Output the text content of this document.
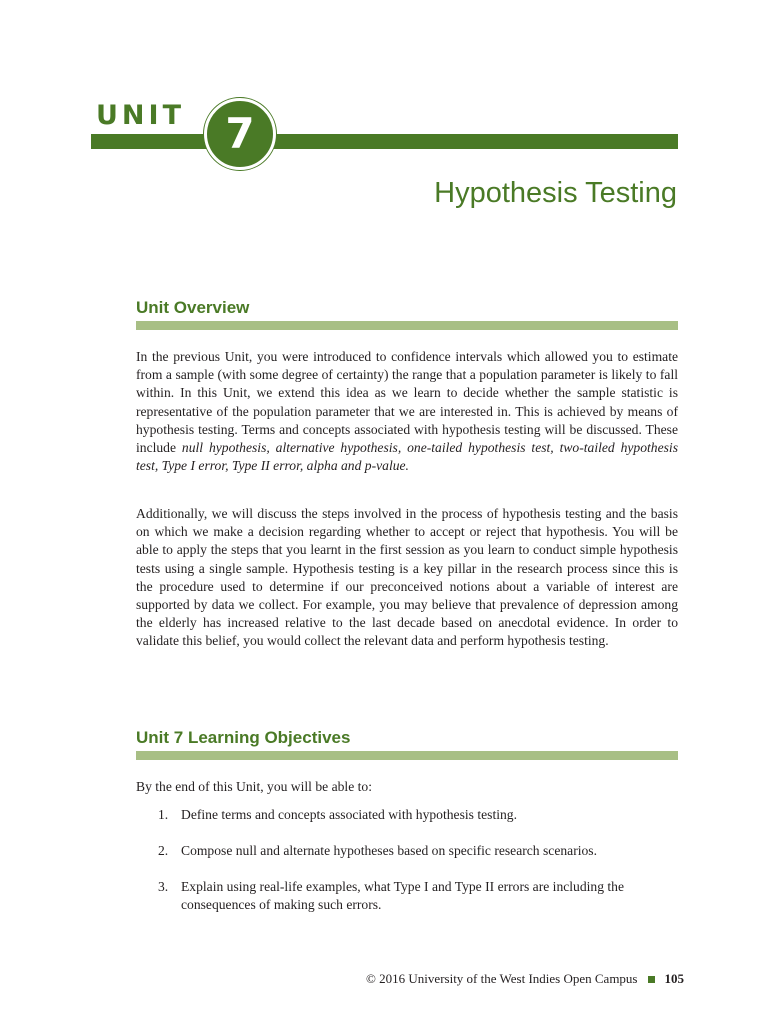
UNIT 7
Hypothesis Testing
Unit Overview

In the previous Unit, you were introduced to confidence intervals which allowed you to estimate from a sample (with some degree of certainty) the range that a population parameter is likely to fall within. In this Unit, we extend this idea as we learn to decide whether the sample statistic is representative of the population parameter that we are interested in. This is achieved by means of hypothesis testing. Terms and concepts associated with hypothesis testing will be discussed. These include null hypothesis, alternative hypothesis, one-tailed hypothesis test, two-tailed hypothesis test, Type I error, Type II error, alpha and p-value.

Additionally, we will discuss the steps involved in the process of hypothesis testing and the basis on which we make a decision regarding whether to accept or reject that hypothesis. You will be able to apply the steps that you learnt in the first session as you learn to conduct simple hypothesis tests using a single sample. Hypothesis testing is a key pillar in the research process since this is the procedure used to determine if our preconceived notions about a variable of interest are supported by data we collect. For example, you may believe that prevalence of depression among the elderly has increased relative to the last decade based on anecdotal evidence. In order to validate this belief, you would collect the relevant data and perform hypothesis testing.

Unit 7 Learning Objectives

By the end of this Unit, you will be able to:

1. Define terms and concepts associated with hypothesis testing.
2. Compose null and alternate hypotheses based on specific research scenarios.
3. Explain using real-life examples, what Type I and Type II errors are including the consequences of making such errors.
© 2016 University of the West Indies Open Campus 105
